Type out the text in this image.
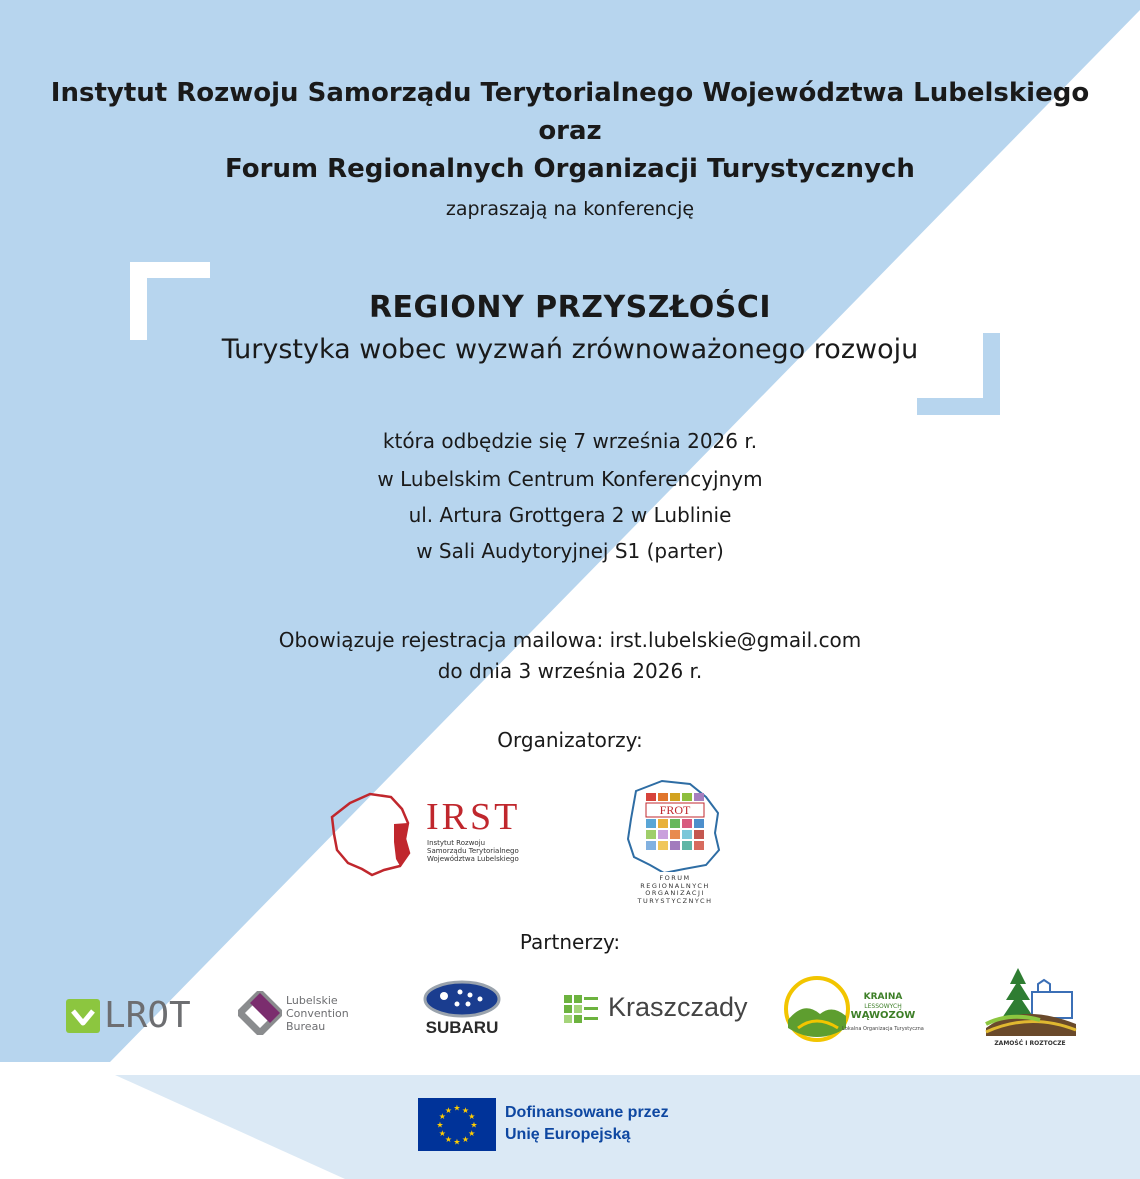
Instytut Rozwoju Samorządu Terytorialnego Województwa Lubelskiego
oraz
Forum Regionalnych Organizacji Turystycznych
zapraszają na konferencję
REGIONY PRZYSZŁOŚCI
Turystyka wobec wyzwań zrównoważonego rozwoju
która odbędzie się 7 września 2026 r.
w Lubelskim Centrum Konferencyjnym
ul. Artura Grottgera 2 w Lublinie
w Sali Audytoryjnej S1 (parter)
Obowiązuje rejestracja mailowa: irst.lubelskie@gmail.com
do dnia 3 września 2026 r.
Organizatorzy:
IRST
Instytut Rozwoju
Samorządu Terytorialnego
Województwa Lubelskiego
FROT
FORUM
REGIONALNYCH
ORGANIZACJI
TURYSTYCZNYCH
Partnerzy:
LROT	Lubelskie
Convention
Bureau	SUBARU
Kraszczady	KRAINA
LESSOWYCH
WĄWOZÓW
Lokalna Organizacja Turystyczna
ZAMOŚĆ I ROZTOCZE
★ ★
★
★
★
★
★
★
★
★
★
★	Dofinansowane przez
Unię Europejską
